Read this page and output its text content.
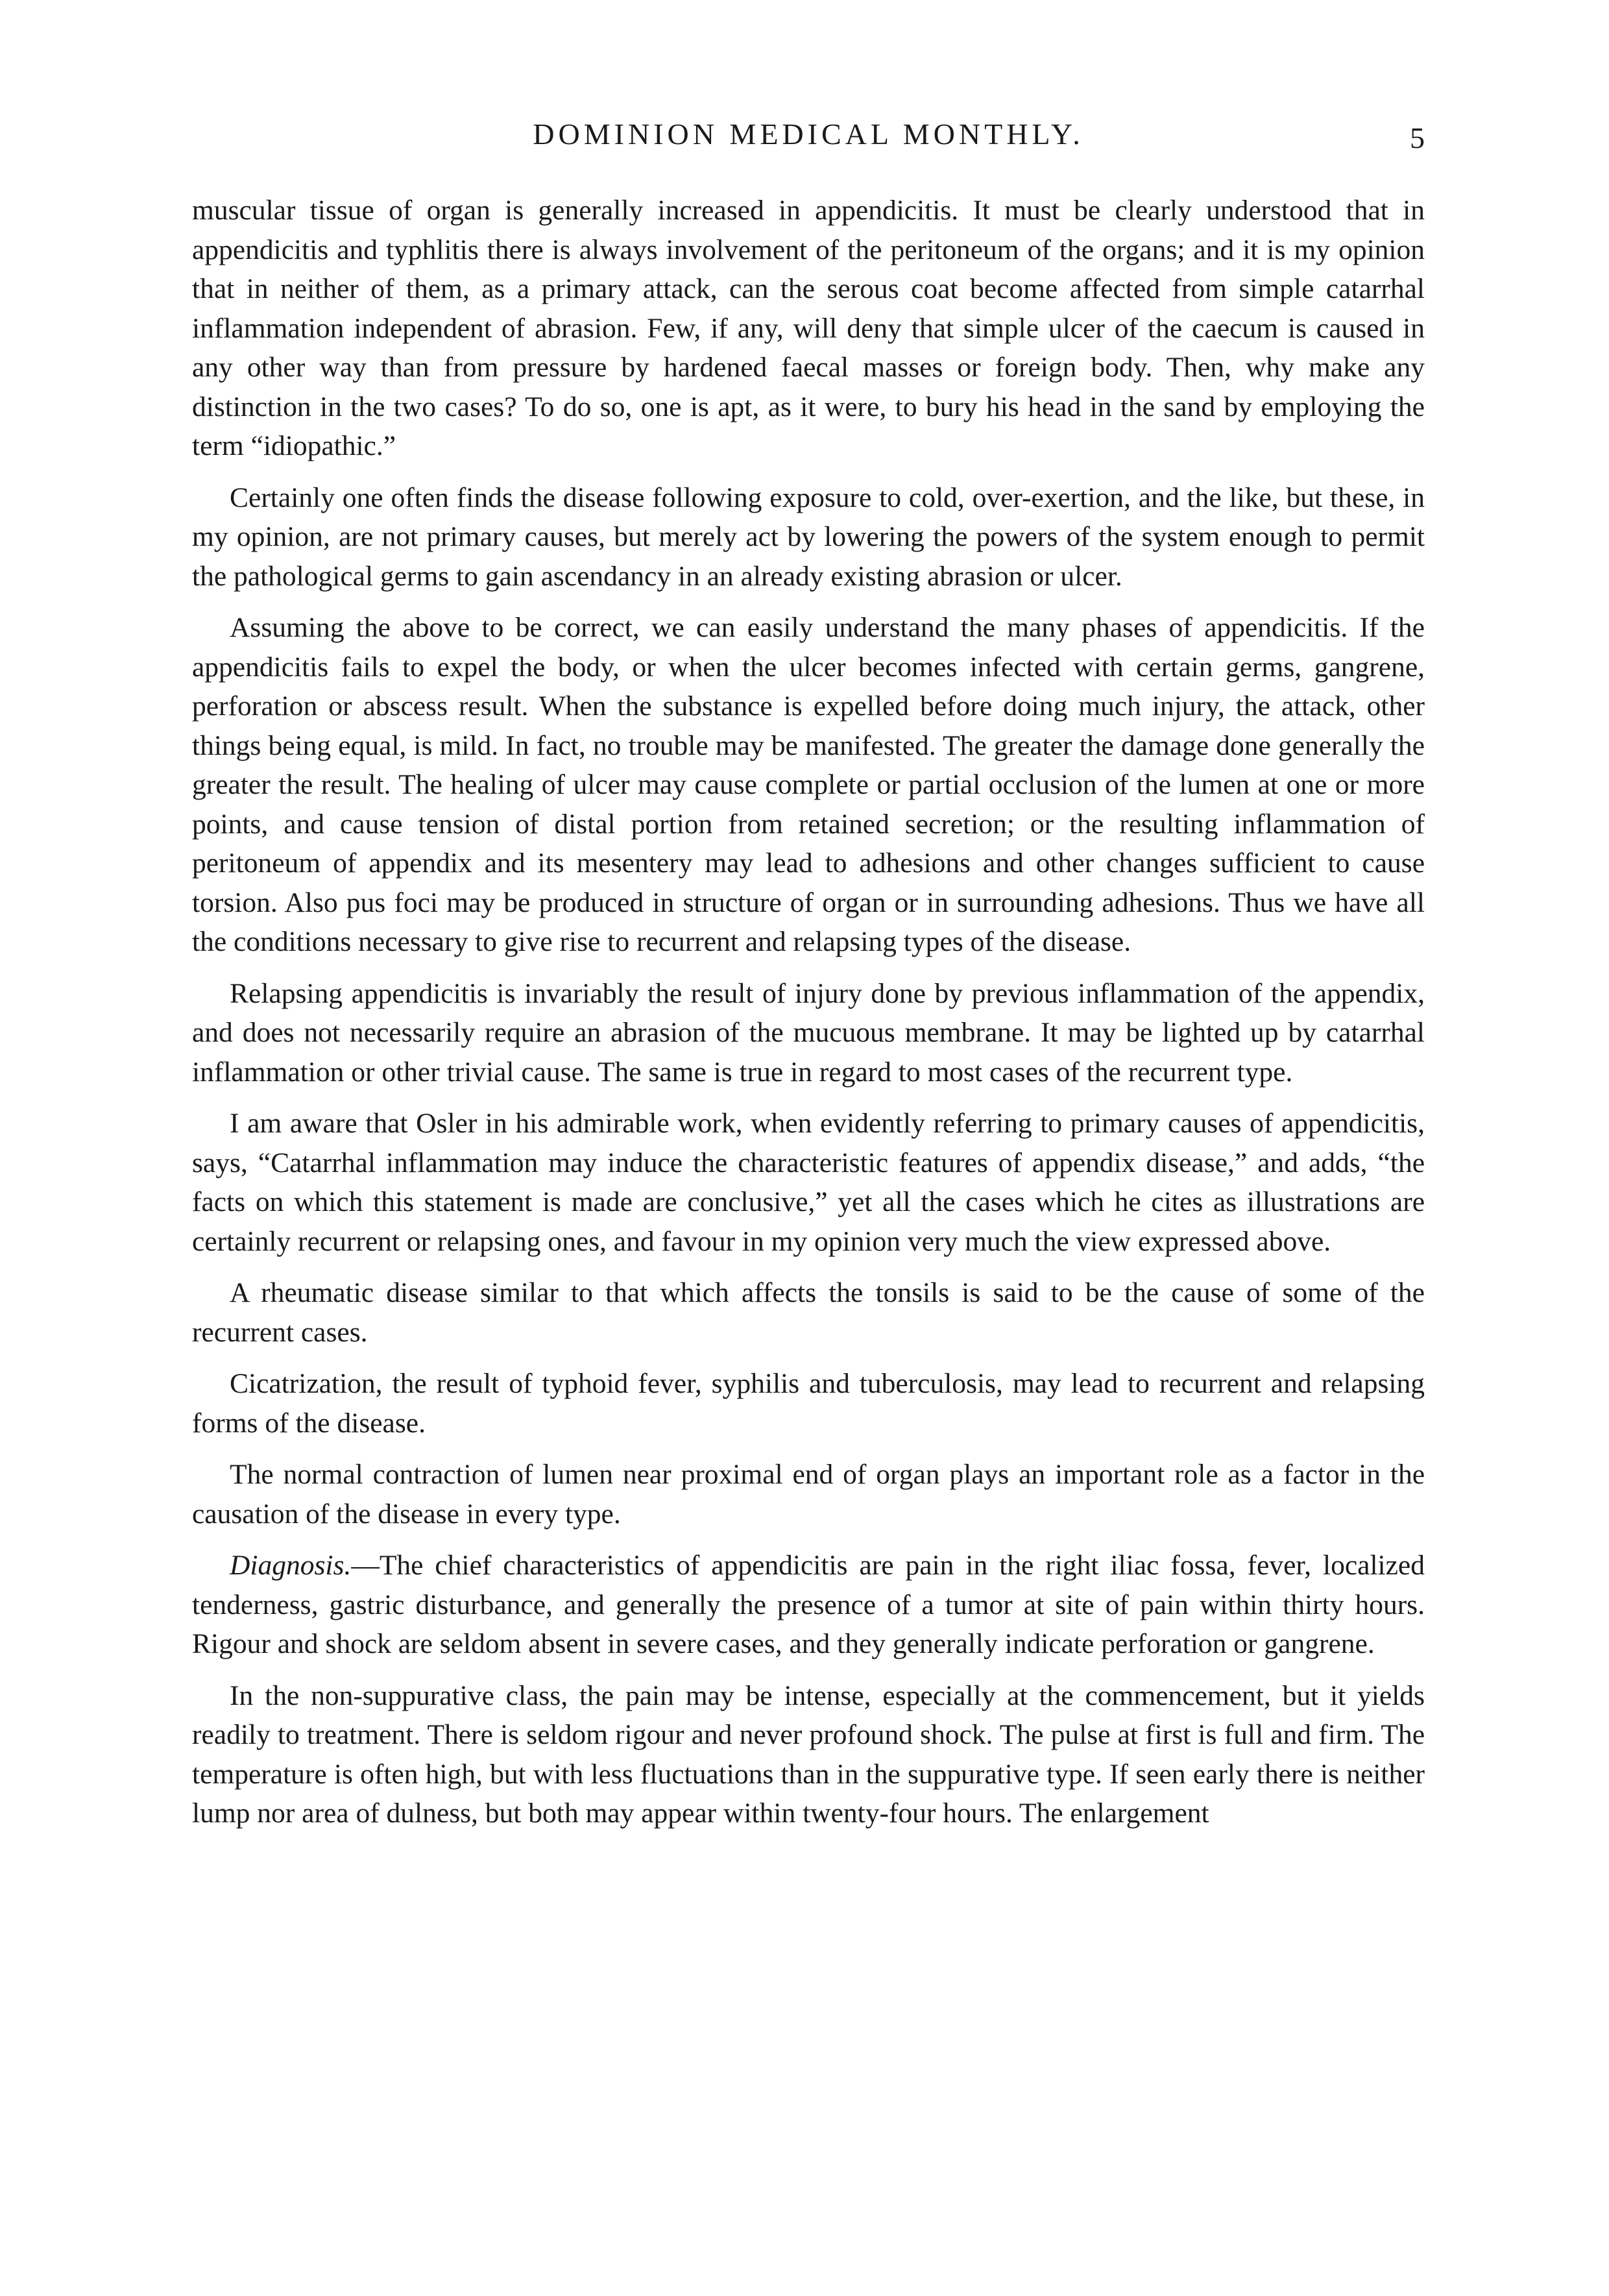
DOMINION MEDICAL MONTHLY.	5

muscular tissue of organ is generally increased in appendicitis. It must be clearly understood that in appendicitis and typhlitis there is always involvement of the peritoneum of the organs; and it is my opinion that in neither of them, as a primary attack, can the serous coat become affected from simple catarrhal inflammation independent of abrasion. Few, if any, will deny that simple ulcer of the caecum is caused in any other way than from pressure by hardened faecal masses or foreign body. Then, why make any distinction in the two cases? To do so, one is apt, as it were, to bury his head in the sand by employing the term “idiopathic.”

Certainly one often finds the disease following exposure to cold, over-exertion, and the like, but these, in my opinion, are not primary causes, but merely act by lowering the powers of the system enough to permit the pathological germs to gain ascendancy in an already existing abrasion or ulcer.

Assuming the above to be correct, we can easily understand the many phases of appendicitis. If the appendicitis fails to expel the body, or when the ulcer becomes infected with certain germs, gangrene, perforation or abscess result. When the substance is expelled before doing much injury, the attack, other things being equal, is mild. In fact, no trouble may be manifested. The greater the damage done generally the greater the result. The healing of ulcer may cause complete or partial occlusion of the lumen at one or more points, and cause tension of distal portion from retained secretion; or the resulting inflammation of peritoneum of appendix and its mesentery may lead to adhesions and other changes sufficient to cause torsion. Also pus foci may be produced in structure of organ or in surrounding adhesions. Thus we have all the conditions necessary to give rise to recurrent and relapsing types of the disease.

Relapsing appendicitis is invariably the result of injury done by previous inflammation of the appendix, and does not necessarily require an abrasion of the mucuous membrane. It may be lighted up by catarrhal inflammation or other trivial cause. The same is true in regard to most cases of the recurrent type.

I am aware that Osler in his admirable work, when evidently referring to primary causes of appendicitis, says, “Catarrhal inflammation may induce the characteristic features of appendix disease,” and adds, “the facts on which this statement is made are conclusive,” yet all the cases which he cites as illustrations are certainly recurrent or relapsing ones, and favour in my opinion very much the view expressed above.

A rheumatic disease similar to that which affects the tonsils is said to be the cause of some of the recurrent cases.

Cicatrization, the result of typhoid fever, syphilis and tuberculosis, may lead to recurrent and relapsing forms of the disease.

The normal contraction of lumen near proximal end of organ plays an important role as a factor in the causation of the disease in every type.

Diagnosis.—The chief characteristics of appendicitis are pain in the right iliac fossa, fever, localized tenderness, gastric disturbance, and generally the presence of a tumor at site of pain within thirty hours. Rigour and shock are seldom absent in severe cases, and they generally indicate perforation or gangrene.

In the non-suppurative class, the pain may be intense, especially at the commencement, but it yields readily to treatment. There is seldom rigour and never profound shock. The pulse at first is full and firm. The temperature is often high, but with less fluctuations than in the suppurative type. If seen early there is neither lump nor area of dulness, but both may appear within twenty-four hours. The enlargement
